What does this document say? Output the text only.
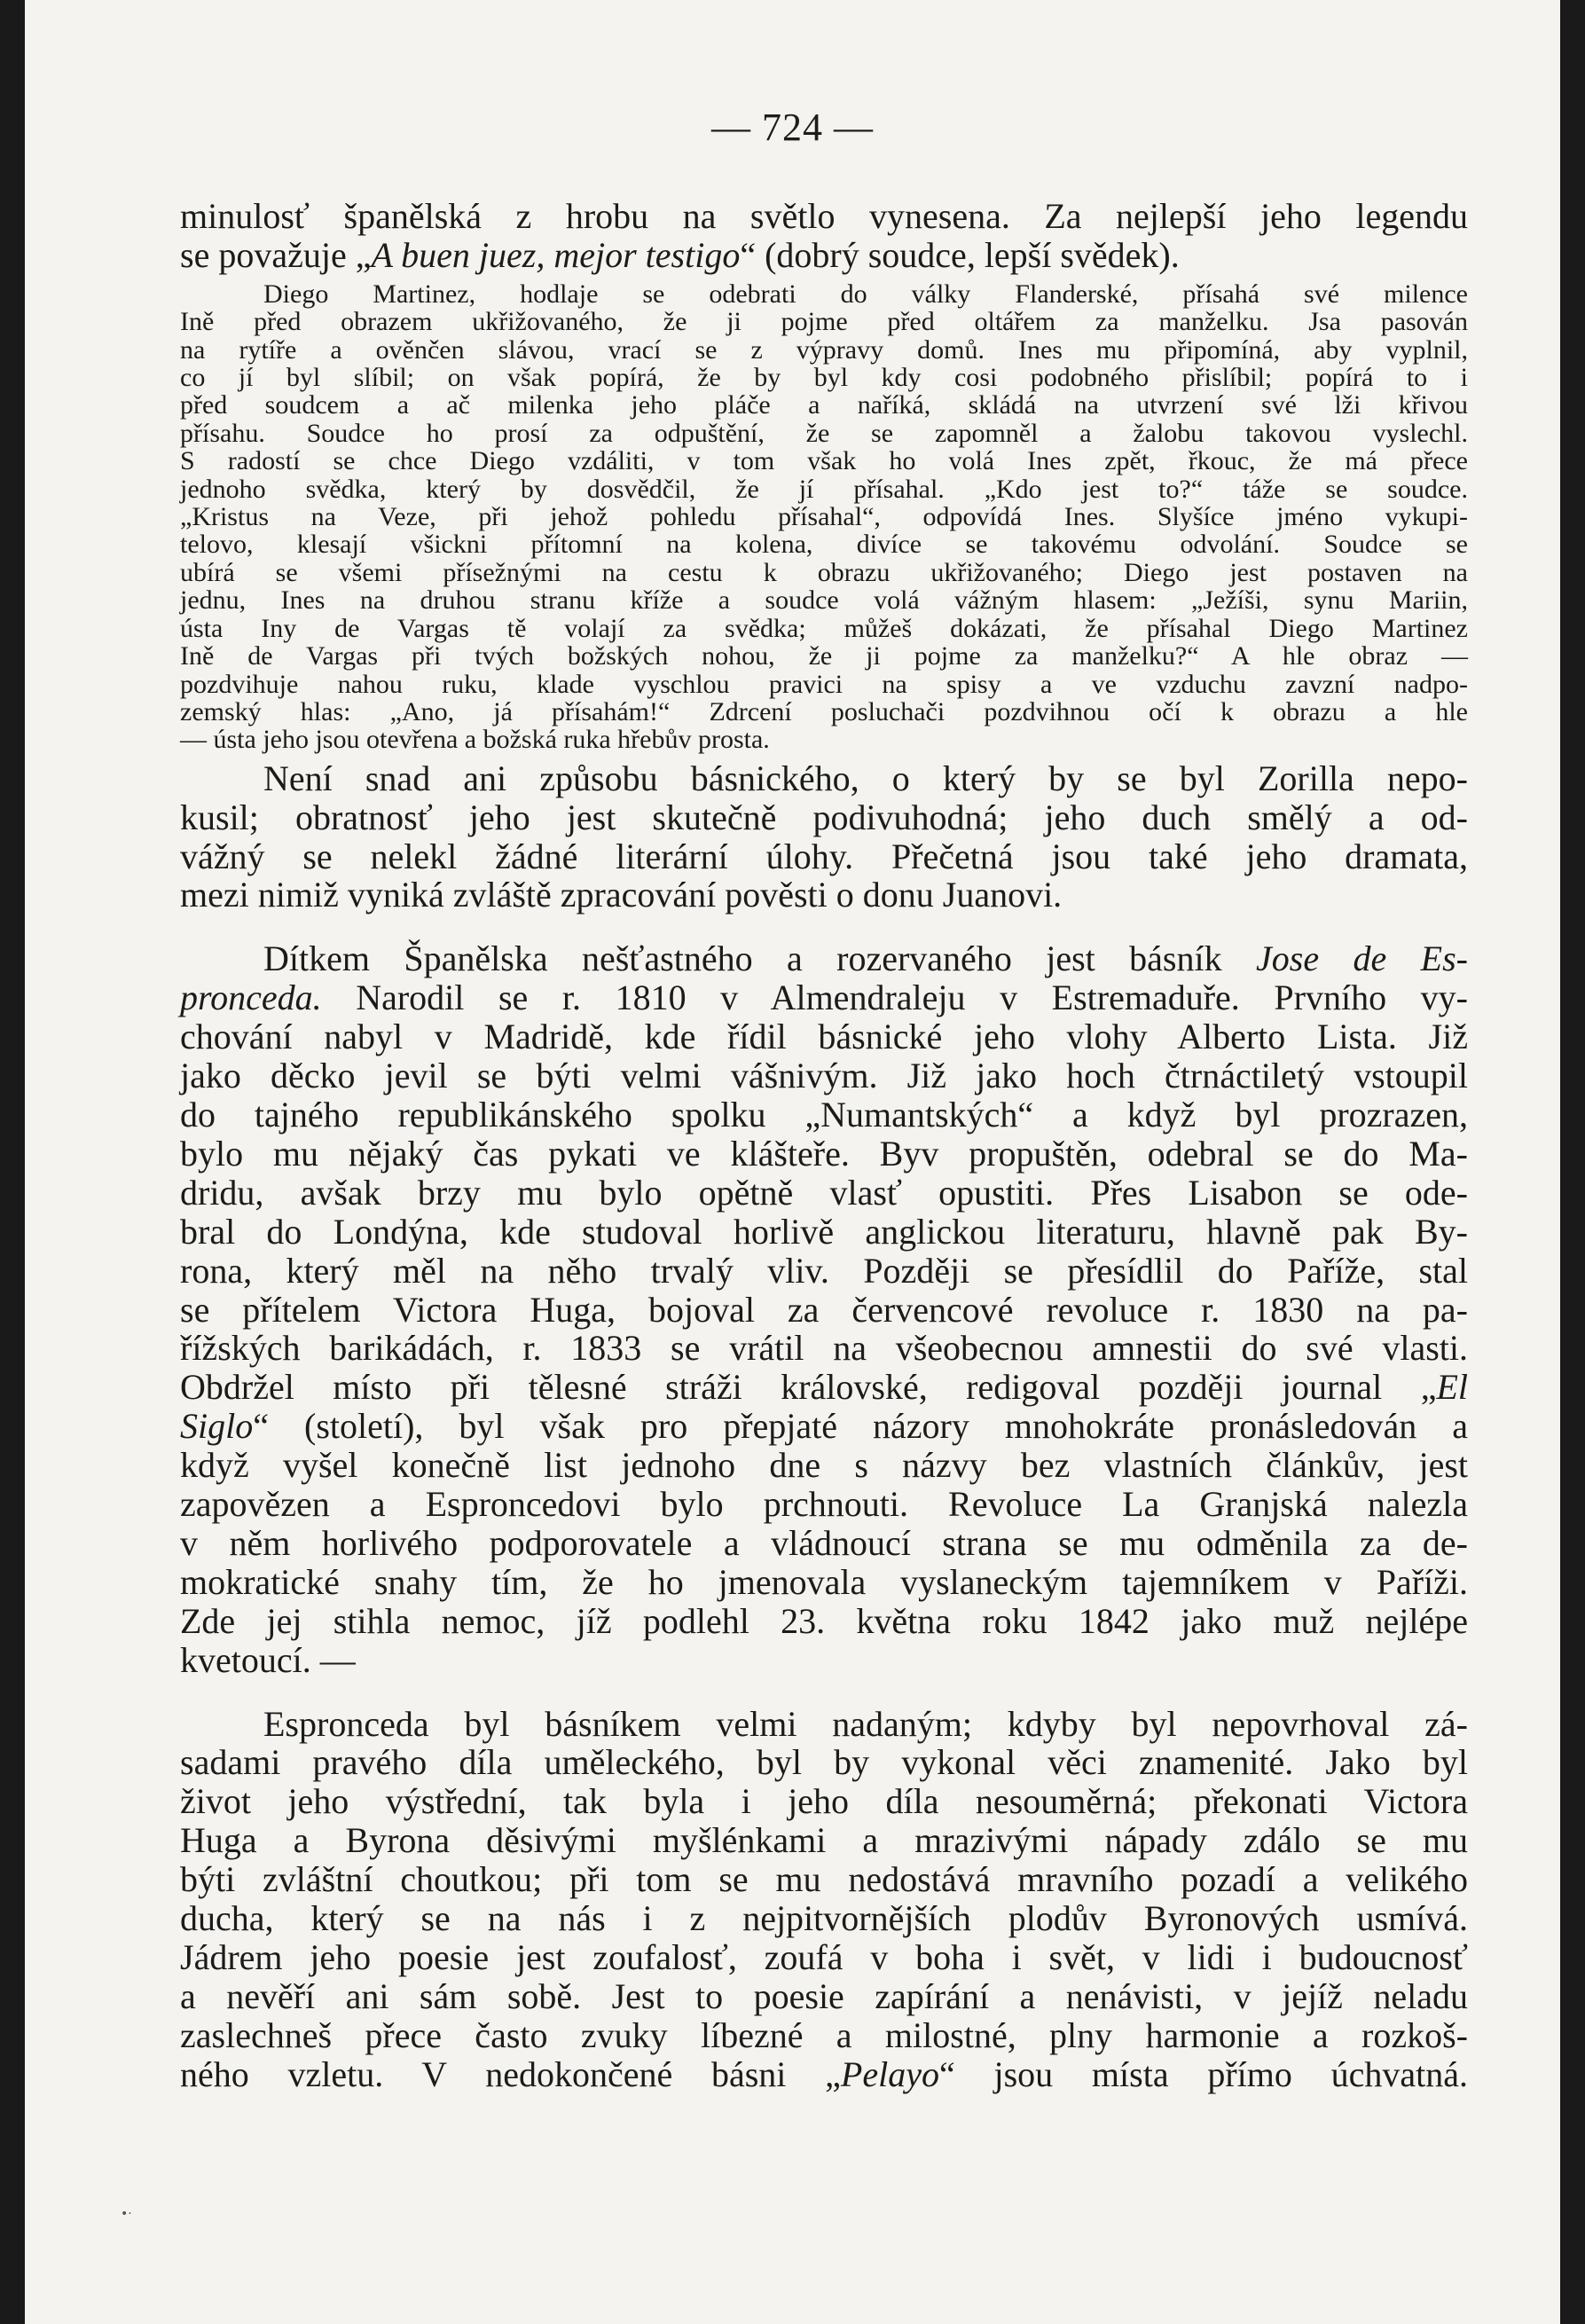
— 724 —
minulosť španělská z hrobu na světlo vynesena. Za nejlepší jeho legendu
se považuje „A buen juez, mejor testigo“ (dobrý soudce, lepší svědek).
Diego Martinez, hodlaje se odebrati do války Flanderské, přísahá své milence
Ině před obrazem ukřižovaného, že ji pojme před oltářem za manželku. Jsa pasován
na rytíře a ověnčen slávou, vrací se z výpravy domů. Ines mu připomíná, aby vyplnil,
co jí byl slíbil; on však popírá, že by byl kdy cosi podobného přislíbil; popírá to i
před soudcem a ač milenka jeho pláče a naříká, skládá na utvrzení své lži křivou
přísahu. Soudce ho prosí za odpuštění, že se zapomněl a žalobu takovou vyslechl.
S radostí se chce Diego vzdáliti, v tom však ho volá Ines zpět, řkouc, že má přece
jednoho svědka, který by dosvědčil, že jí přísahal. „Kdo jest to?“ táže se soudce.
„Kristus na Veze, při jehož pohledu přísahal“, odpovídá Ines. Slyšíce jméno vykupi-
telovo, klesají všickni přítomní na kolena, divíce se takovému odvolání. Soudce se
ubírá se všemi přísežnými na cestu k obrazu ukřižovaného; Diego jest postaven na
jednu, Ines na druhou stranu kříže a soudce volá vážným hlasem: „Ježíši, synu Mariin,
ústa Iny de Vargas tě volají za svědka; můžeš dokázati, že přísahal Diego Martinez
Ině de Vargas při tvých božských nohou, že ji pojme za manželku?“ A hle obraz —
pozdvihuje nahou ruku, klade vyschlou pravici na spisy a ve vzduchu zavzní nadpo-
zemský hlas: „Ano, já přísahám!“ Zdrcení posluchači pozdvihnou očí k obrazu a hle
— ústa jeho jsou otevřena a božská ruka hřebův prosta.
Není snad ani způsobu básnického, o který by se byl Zorilla nepo-
kusil; obratnosť jeho jest skutečně podivuhodná; jeho duch smělý a od-
vážný se nelekl žádné literární úlohy. Přečetná jsou také jeho dramata,
mezi nimiž vyniká zvláště zpracování pověsti o donu Juanovi.
Dítkem Španělska nešťastného a rozervaného jest básník Jose de Es-
pronceda. Narodil se r. 1810 v Almendraleju v Estremaduře. Prvního vy-
chování nabyl v Madridě, kde řídil básnické jeho vlohy Alberto Lista. Již
jako děcko jevil se býti velmi vášnivým. Již jako hoch čtrnáctiletý vstoupil
do tajného republikánského spolku „Numantských“ a když byl prozrazen,
bylo mu nějaký čas pykati ve klášteře. Byv propuštěn, odebral se do Ma-
dridu, avšak brzy mu bylo opětně vlasť opustiti. Přes Lisabon se ode-
bral do Londýna, kde studoval horlivě anglickou literaturu, hlavně pak By-
rona, který měl na něho trvalý vliv. Později se přesídlil do Paříže, stal
se přítelem Victora Huga, bojoval za červencové revoluce r. 1830 na pa-
řížských barikádách, r. 1833 se vrátil na všeobecnou amnestii do své vlasti.
Obdržel místo při tělesné stráži královské, redigoval později journal „El
Siglo“ (století), byl však pro přepjaté názory mnohokráte pronásledován a
když vyšel konečně list jednoho dne s názvy bez vlastních článkův, jest
zapovězen a Esproncedovi bylo prchnouti. Revoluce La Granjská nalezla
v něm horlivého podporovatele a vládnoucí strana se mu odměnila za de-
mokratické snahy tím, že ho jmenovala vyslaneckým tajemníkem v Paříži.
Zde jej stihla nemoc, jíž podlehl 23. května roku 1842 jako muž nejlépe
kvetoucí. —
Espronceda byl básníkem velmi nadaným; kdyby byl nepovrhoval zá-
sadami pravého díla uměleckého, byl by vykonal věci znamenité. Jako byl
život jeho výstřední, tak byla i jeho díla nesouměrná; překonati Victora
Huga a Byrona děsivými myšlénkami a mrazivými nápady zdálo se mu
býti zvláštní choutkou; při tom se mu nedostává mravního pozadí a velikého
ducha, který se na nás i z nejpitvornějších plodův Byronových usmívá.
Jádrem jeho poesie jest zoufalosť, zoufá v boha i svět, v lidi i budoucnosť
a nevěří ani sám sobě. Jest to poesie zapírání a nenávisti, v jejíž neladu
zaslechneš přece často zvuky líbezné a milostné, plny harmonie a rozkoš-
ného vzletu. V nedokončené básni „Pelayo“ jsou místa přímo úchvatná.
•·
